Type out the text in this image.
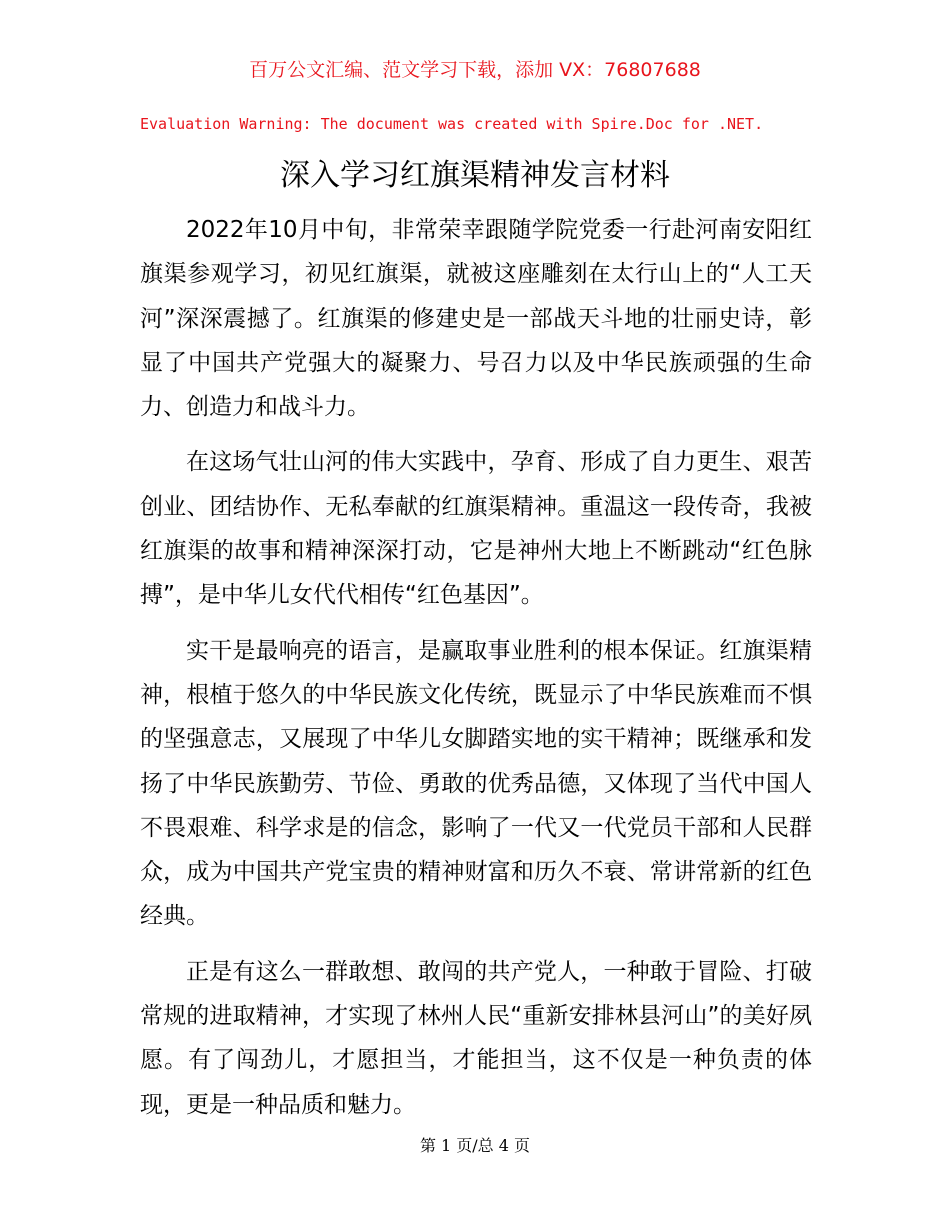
百万公文汇编、范文学习下载，添加 VX：76807688
Evaluation Warning: The document was created with Spire.Doc for .NET.
深入学习红旗渠精神发言材料

2022年10月中旬，非常荣幸跟随学院党委一行赴河南安阳红旗渠参观学习，初见红旗渠，就被这座雕刻在太行山上的“人工天河”深深震撼了。红旗渠的修建史是一部战天斗地的壮丽史诗，彰显了中国共产党强大的凝聚力、号召力以及中华民族顽强的生命力、创造力和战斗力。

在这场气壮山河的伟大实践中，孕育、形成了自力更生、艰苦创业、团结协作、无私奉献的红旗渠精神。重温这一段传奇，我被红旗渠的故事和精神深深打动，它是神州大地上不断跳动“红色脉搏”，是中华儿女代代相传“红色基因”。

实干是最响亮的语言，是赢取事业胜利的根本保证。红旗渠精神，根植于悠久的中华民族文化传统，既显示了中华民族难而不惧的坚强意志，又展现了中华儿女脚踏实地的实干精神；既继承和发扬了中华民族勤劳、节俭、勇敢的优秀品德，又体现了当代中国人不畏艰难、科学求是的信念，影响了一代又一代党员干部和人民群众，成为中国共产党宝贵的精神财富和历久不衰、常讲常新的红色经典。

正是有这么一群敢想、敢闯的共产党人，一种敢于冒险、打破常规的进取精神，才实现了林州人民“重新安排林县河山”的美好夙愿。有了闯劲儿，才愿担当，才能担当，这不仅是一种负责的体现，更是一种品质和魅力。

第 1 页/总 4 页
